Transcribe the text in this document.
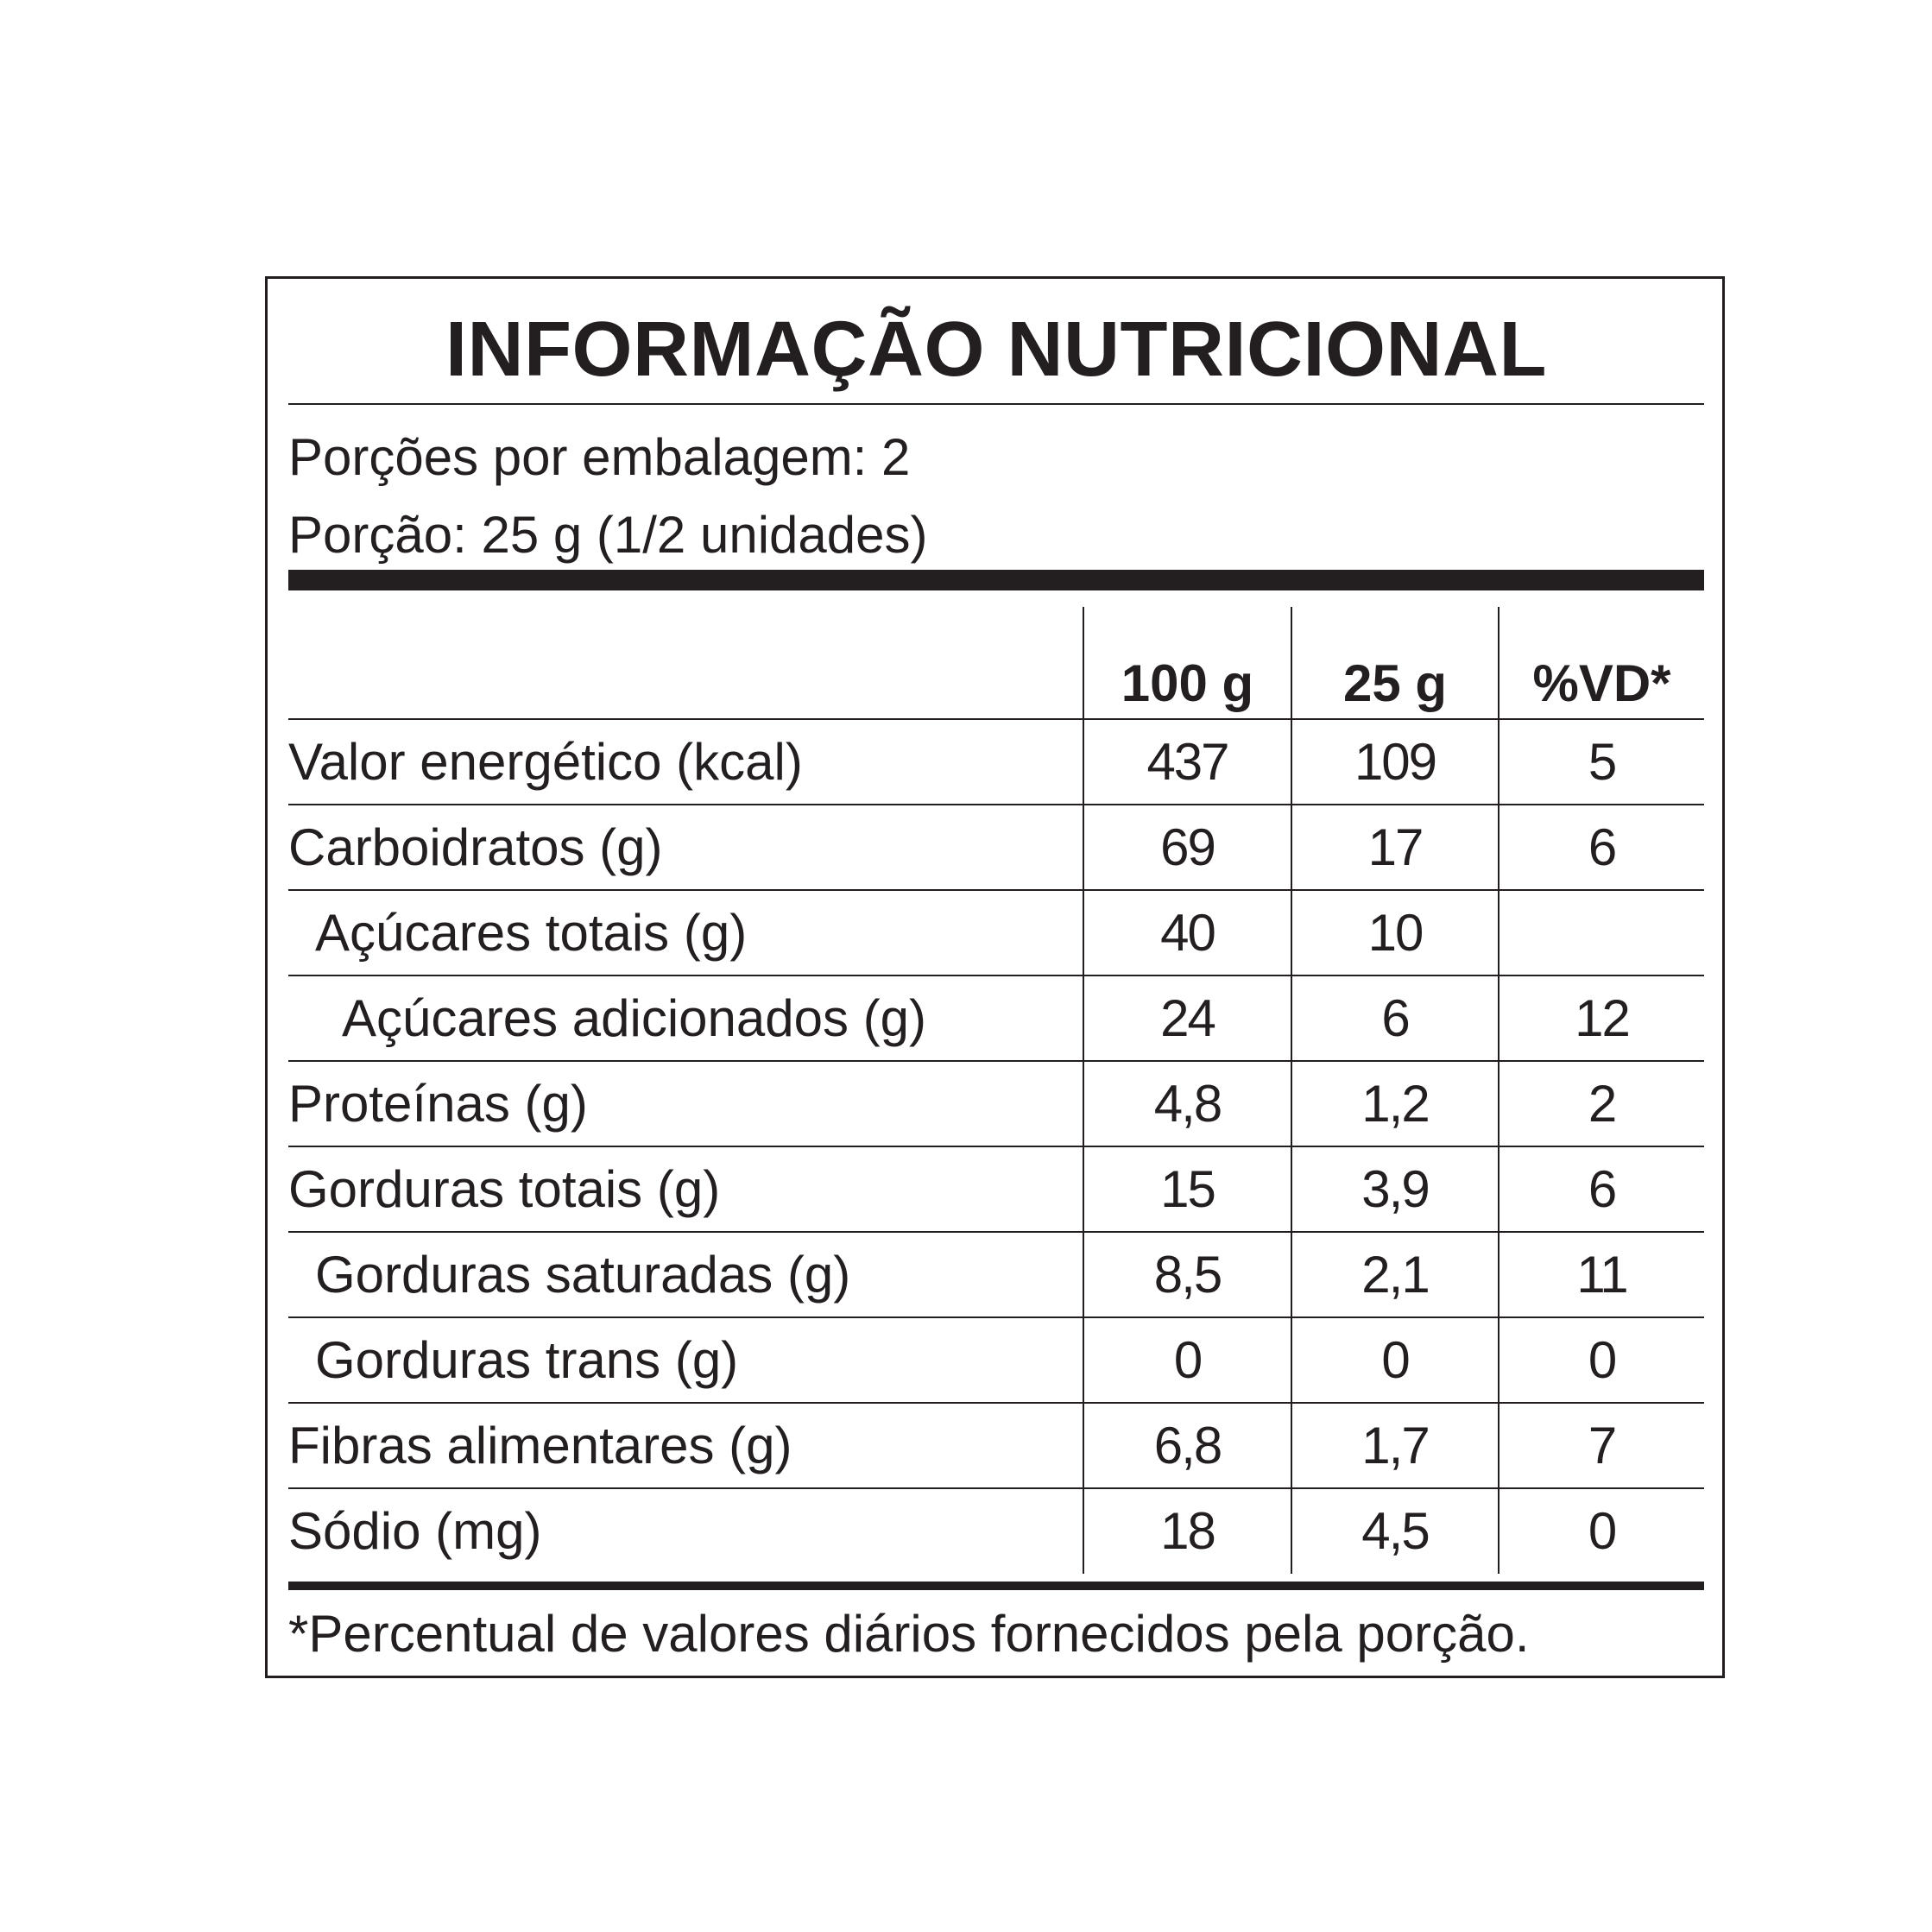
INFORMAÇÃO NUTRICIONAL
Porções por embalagem: 2
Porção: 25 g (1/2 unidades)
	100 g	25 g	%VD*
Valor energético (kcal)	437	109	5
Carboidratos (g)	69	17	6
Açúcares totais (g)	40	10	
Açúcares adicionados (g)	24	6	12
Proteínas (g)	4,8	1,2	2
Gorduras totais (g)	15	3,9	6
Gorduras saturadas (g)	8,5	2,1	11
Gorduras trans (g)	0	0	0
Fibras alimentares (g)	6,8	1,7	7
Sódio (mg)	18	4,5	0
*Percentual de valores diários fornecidos pela porção.
